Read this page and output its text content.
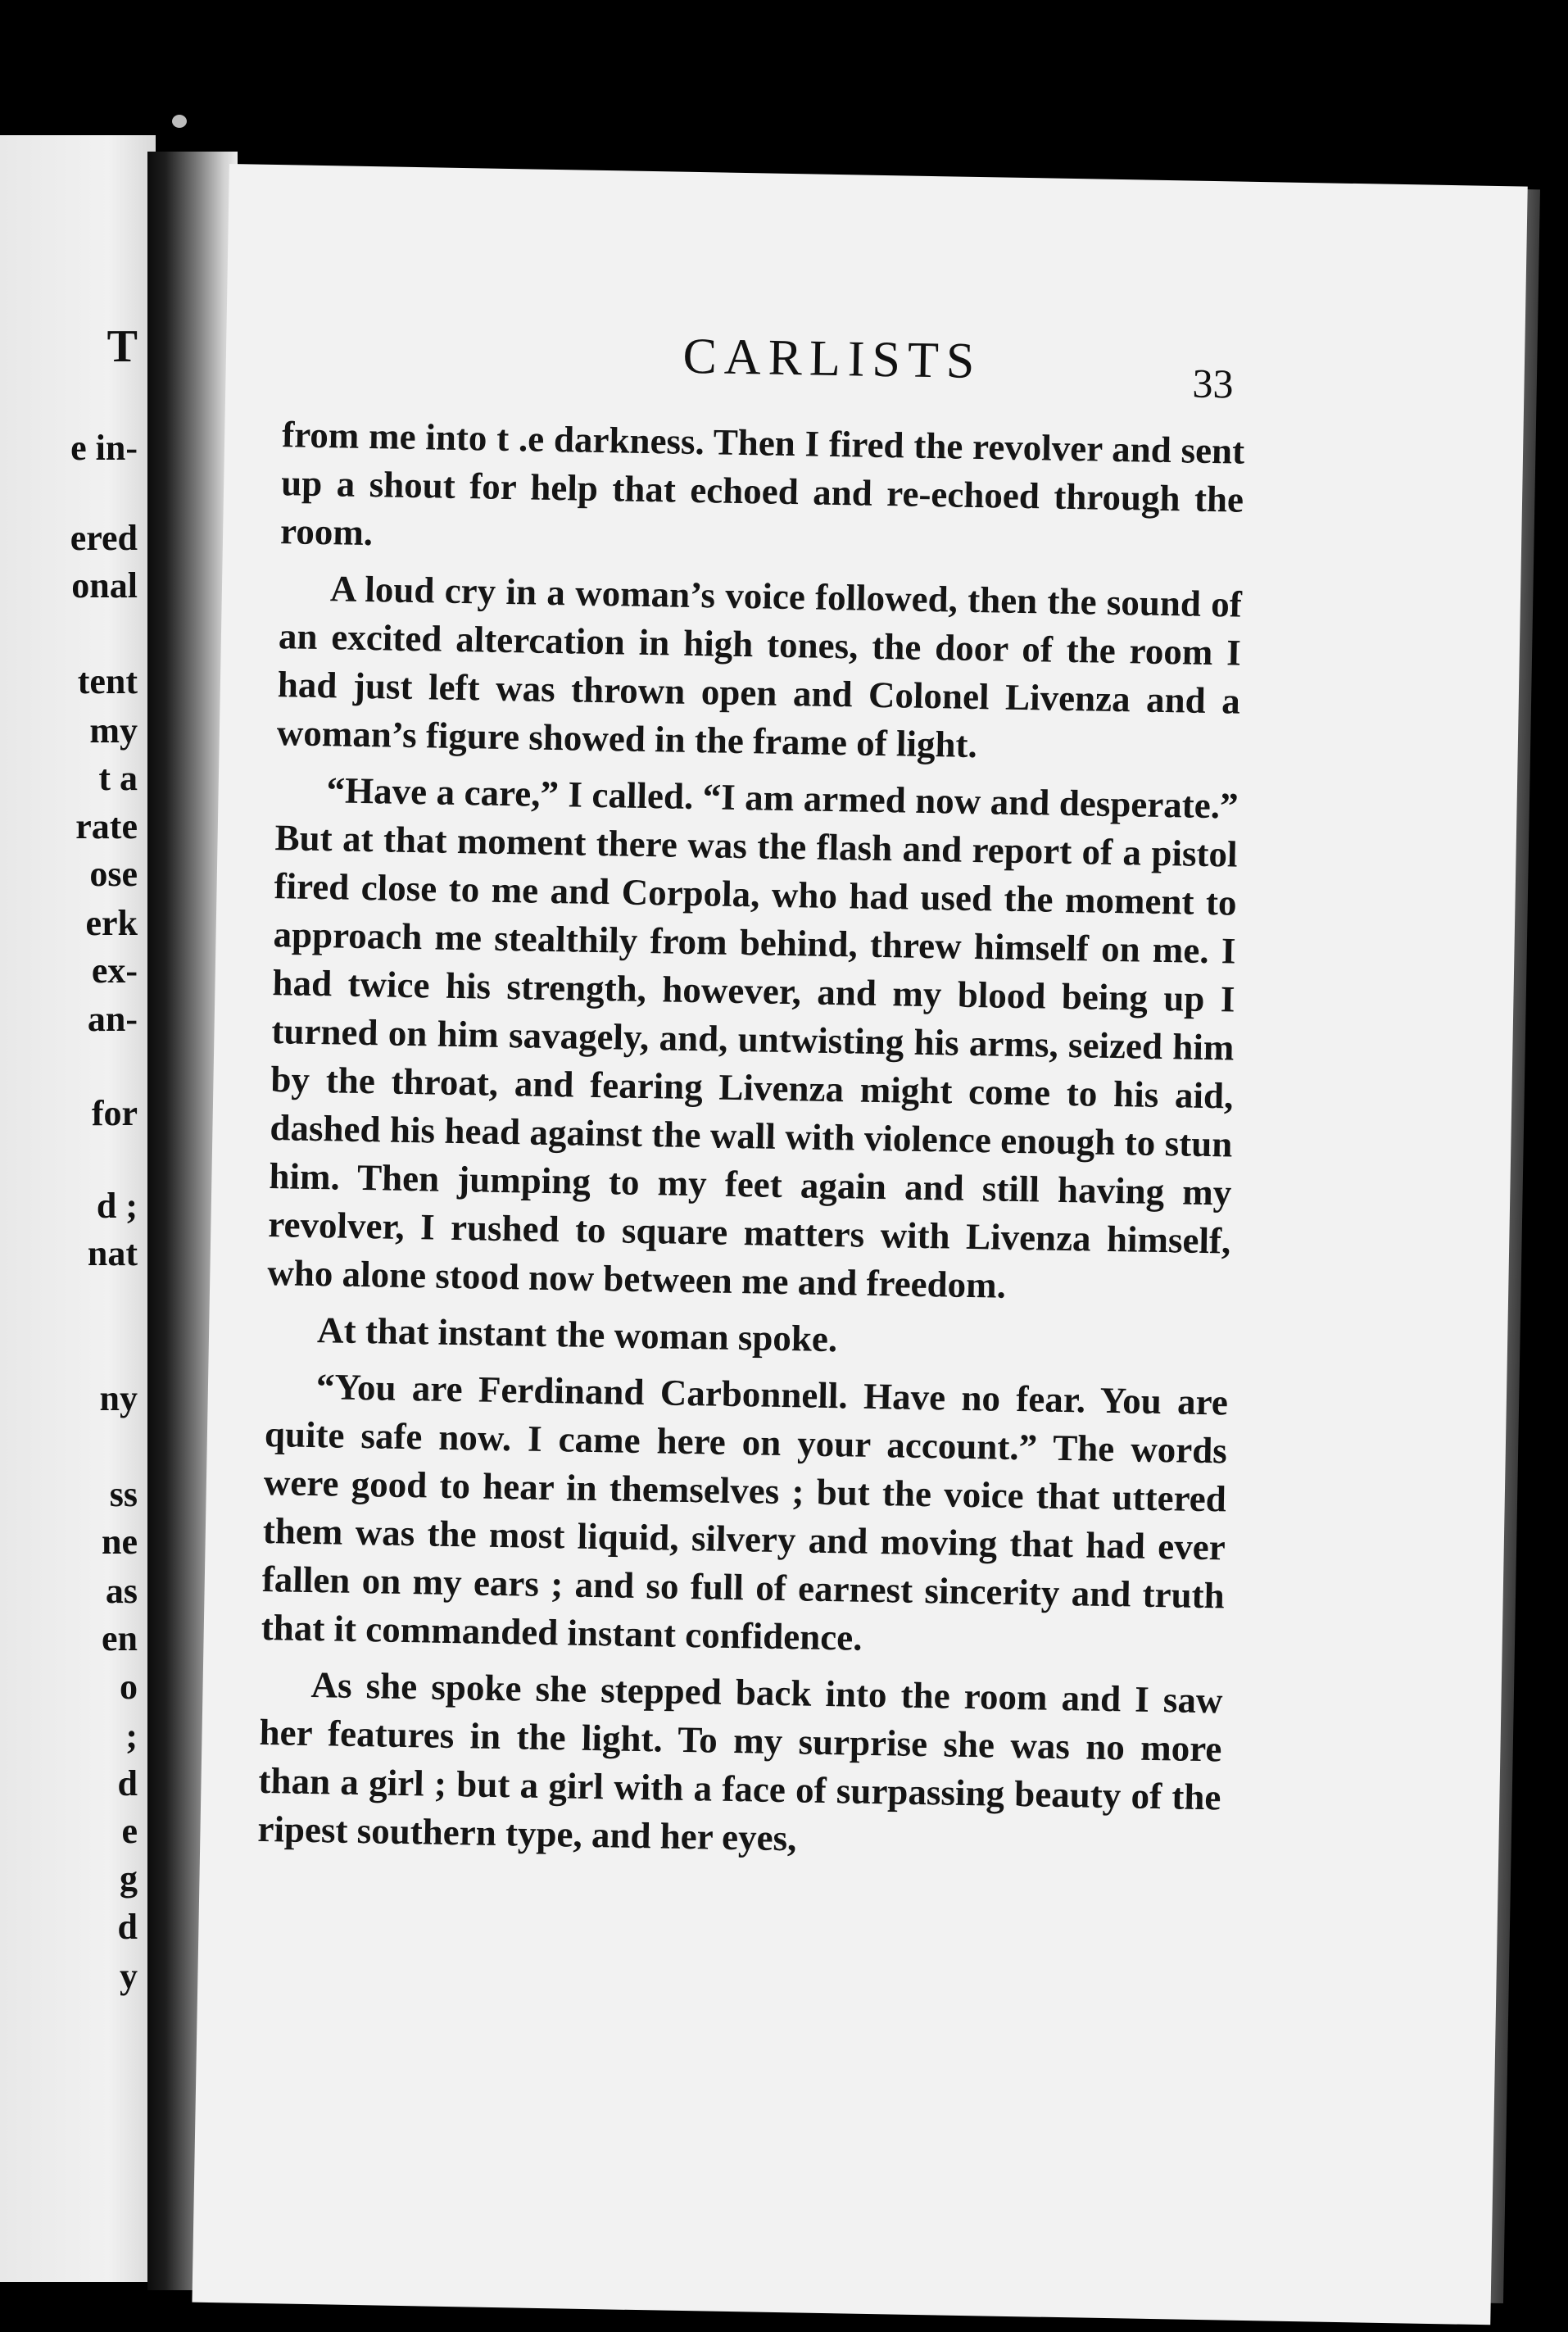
T
e in-
ered
onal
tent
my
t a
rate
ose
erk
ex-
an-
for
d ;
nat
ny
ss
ne
as
en
o
;
d
e
g
d
y
CARLISTS	33

from me into t .e darkness. Then I fired the revolver and sent up a shout for help that echoed and re-echoed through the room.

A loud cry in a woman’s voice followed, then the sound of an excited altercation in high tones, the door of the room I had just left was thrown open and Colonel Livenza and a woman’s figure showed in the frame of light.

“Have a care,” I called. “I am armed now and desperate.” But at that moment there was the flash and report of a pistol fired close to me and Corpola, who had used the moment to approach me stealthily from behind, threw himself on me. I had twice his strength, however, and my blood being up I turned on him savagely, and, untwisting his arms, seized him by the throat, and fearing Livenza might come to his aid, dashed his head against the wall with violence enough to stun him. Then jumping to my feet again and still having my revolver, I rushed to square matters with Livenza himself, who alone stood now between me and freedom.

At that instant the woman spoke.

“You are Ferdinand Carbonnell. Have no fear. You are quite safe now. I came here on your account.” The words were good to hear in themselves ; but the voice that uttered them was the most liquid, silvery and moving that had ever fallen on my ears ; and so full of earnest sincerity and truth that it commanded instant confidence.

As she spoke she stepped back into the room and I saw her features in the light. To my surprise she was no more than a girl ; but a girl with a face of surpassing beauty of the ripest southern type, and her eyes,
